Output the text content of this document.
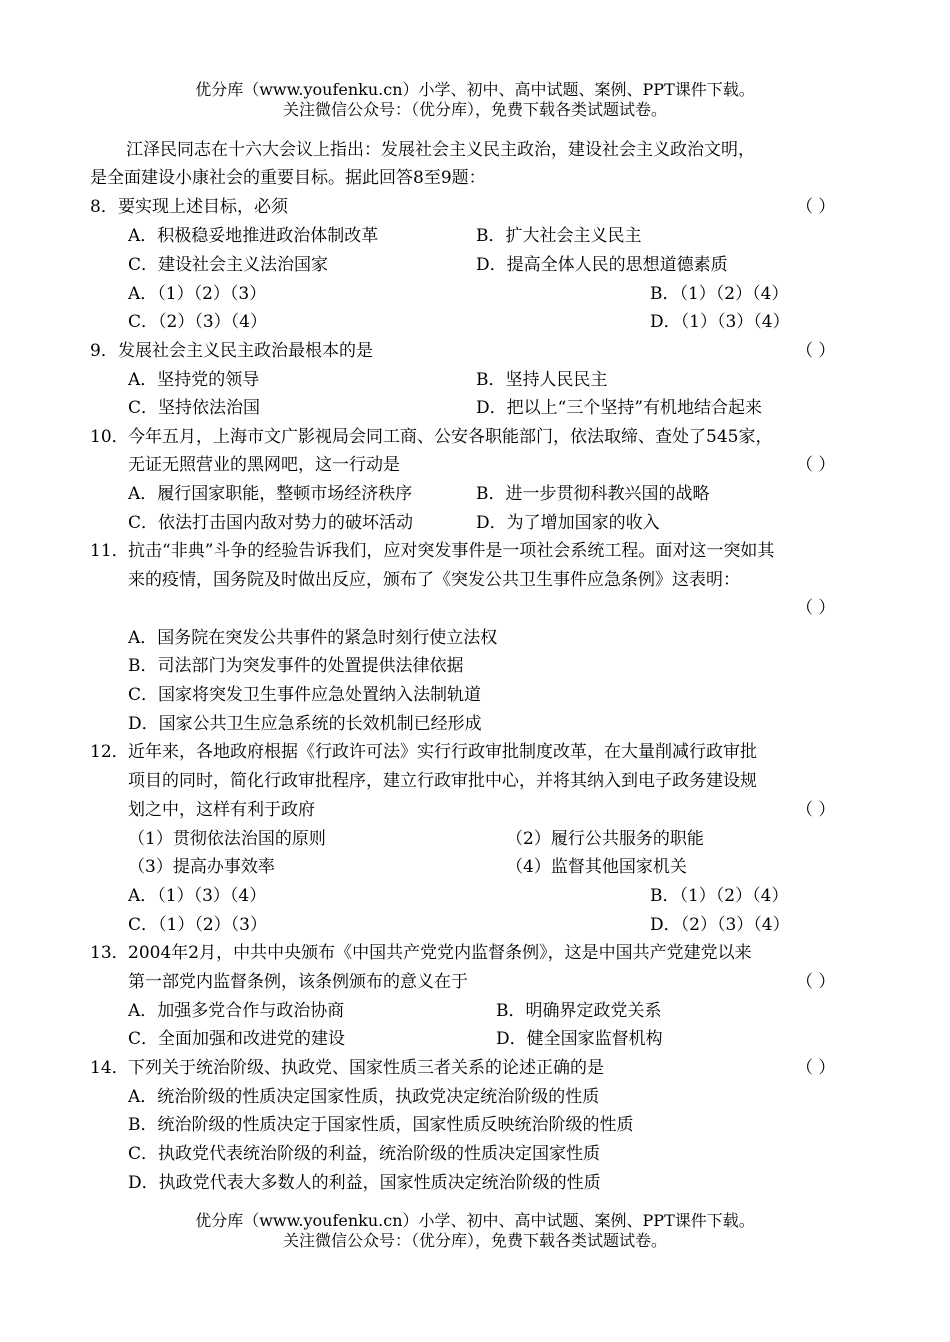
优分库（www.youfenku.cn）小学、初中、高中试题、案例、PPT课件下载。
关注微信公众号：（优分库），免费下载各类试题试卷。
江泽民同志在十六大会议上指出：发展社会主义民主政治，建设社会主义政治文明，
是全面建设小康社会的重要目标。据此回答8至9题：
8． 要实现上述目标，必须	（ ）
A．积极稳妥地推进政治体制改革	B．扩大社会主义民主
C．建设社会主义法治国家	D．提高全体人民的思想道德素质
A．（1）（2）（3）	B．（1）（2）（4）
C．（2）（3）（4）	D．（1）（3）（4）
9． 发展社会主义民主政治最根本的是	（ ）
A．坚持党的领导	B．坚持人民民主
C．坚持依法治国	D．把以上“三个坚持”有机地结合起来
10． 今年五月，上海市文广影视局会同工商、公安各职能部门，依法取缔、查处了545家，
无证无照营业的黑网吧，这一行动是	（ ）
A．履行国家职能，整顿市场经济秩序	B．进一步贯彻科教兴国的战略
C．依法打击国内敌对势力的破坏活动	D．为了增加国家的收入
11． 抗击“非典”斗争的经验告诉我们，应对突发事件是一项社会系统工程。面对这一突如其
来的疫情，国务院及时做出反应，颁布了《突发公共卫生事件应急条例》这表明：
（ ）
A．国务院在突发公共事件的紧急时刻行使立法权
B．司法部门为突发事件的处置提供法律依据
C．国家将突发卫生事件应急处置纳入法制轨道
D．国家公共卫生应急系统的长效机制已经形成
12． 近年来，各地政府根据《行政许可法》实行行政审批制度改革，在大量削减行政审批
项目的同时，简化行政审批程序，建立行政审批中心，并将其纳入到电子政务建设规
划之中，这样有利于政府	（ ）
（1）贯彻依法治国的原则	（2）履行公共服务的职能
（3）提高办事效率	（4）监督其他国家机关
A．（1）（3）（4）	B．（1）（2）（4）
C．（1）（2）（3）	D．（2）（3）（4）
13． 2004年2月，中共中央颁布《中国共产党党内监督条例》，这是中国共产党建党以来
第一部党内监督条例，该条例颁布的意义在于	（ ）
A．加强多党合作与政治协商	B．明确界定政党关系
C．全面加强和改进党的建设	D．健全国家监督机构
14． 下列关于统治阶级、执政党、国家性质三者关系的论述正确的是	（ ）
A．统治阶级的性质决定国家性质，执政党决定统治阶级的性质
B．统治阶级的性质决定于国家性质，国家性质反映统治阶级的性质
C．执政党代表统治阶级的利益，统治阶级的性质决定国家性质
D．执政党代表大多数人的利益，国家性质决定统治阶级的性质
优分库（www.youfenku.cn）小学、初中、高中试题、案例、PPT课件下载。
关注微信公众号：（优分库），免费下载各类试题试卷。
